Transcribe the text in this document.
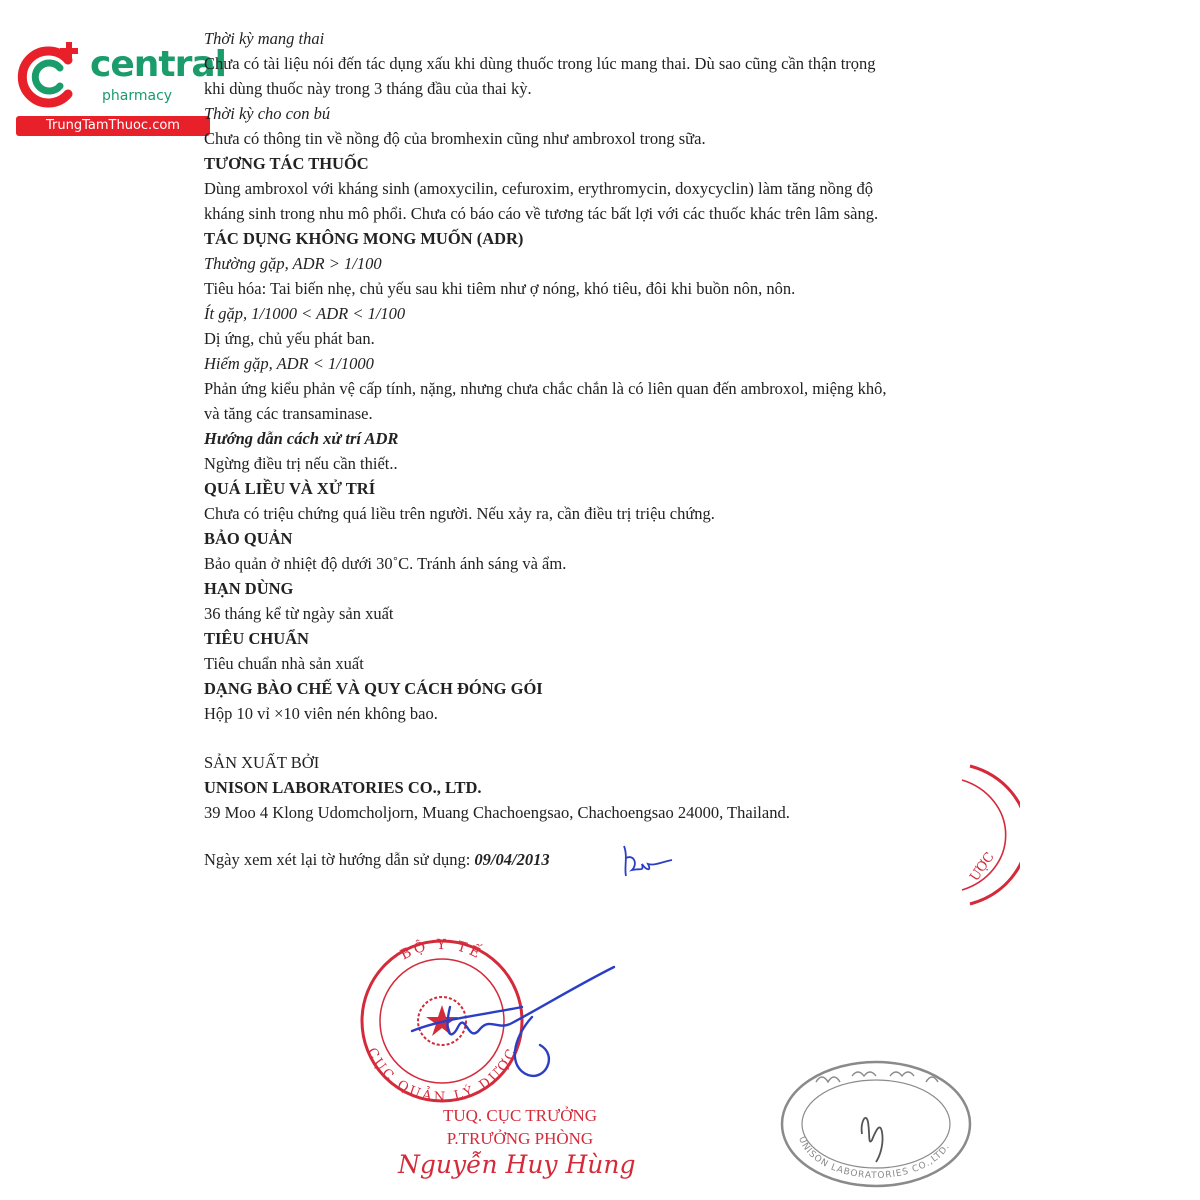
central
pharmacy
TrungTamThuoc.com
Thời kỳ mang thai
Chưa có tài liệu nói đến tác dụng xấu khi dùng thuốc trong lúc mang thai. Dù sao cũng cần thận trọng
khi dùng thuốc này trong 3 tháng đầu của thai kỳ.
Thời kỳ cho con bú
Chưa có thông tin về nồng độ của bromhexin cũng như ambroxol trong sữa.
TƯƠNG TÁC THUỐC
Dùng ambroxol với kháng sinh (amoxycilin, cefuroxim, erythromycin, doxycyclin) làm tăng nồng độ
kháng sinh trong nhu mô phổi. Chưa có báo cáo về tương tác bất lợi với các thuốc khác trên lâm sàng.
TÁC DỤNG KHÔNG MONG MUỐN (ADR)
Thường gặp, ADR > 1/100
Tiêu hóa: Tai biến nhẹ, chủ yếu sau khi tiêm như ợ nóng, khó tiêu, đôi khi buồn nôn, nôn.
Ít gặp, 1/1000 < ADR < 1/100
Dị ứng, chủ yếu phát ban.
Hiếm gặp, ADR < 1/1000
Phản ứng kiểu phản vệ cấp tính, nặng, nhưng chưa chắc chắn là có liên quan đến ambroxol, miệng khô,
và tăng các transaminase.
Hướng dẫn cách xử trí ADR
Ngừng điều trị nếu cần thiết..
QUÁ LIỀU VÀ XỬ TRÍ
Chưa có triệu chứng quá liều trên người. Nếu xảy ra, cần điều trị triệu chứng.
BẢO QUẢN
Bảo quản ở nhiệt độ dưới 30˚C. Tránh ánh sáng và ẩm.
HẠN DÙNG
36 tháng kể từ ngày sản xuất
TIÊU CHUẨN
Tiêu chuẩn nhà sản xuất
DẠNG BÀO CHẾ VÀ QUY CÁCH ĐÓNG GÓI
Hộp 10 vỉ ×10 viên nén không bao.
SẢN XUẤT BỞI
UNISON LABORATORIES CO., LTD.
39 Moo 4 Klong Udomcholjorn, Muang Chachoengsao, Chachoengsao 24000, Thailand.
Ngày xem xét lại tờ hướng dẫn sử dụng: 09/04/2013	ƯỢC
BỘ Y TẾ
CỤC QUẢN LÝ DƯỢC
TUQ. CỤC TRƯỞNG
P.TRƯỞNG PHÒNG
Nguyễn Huy Hùng
UNISON LABORATORIES CO.,LTD.
